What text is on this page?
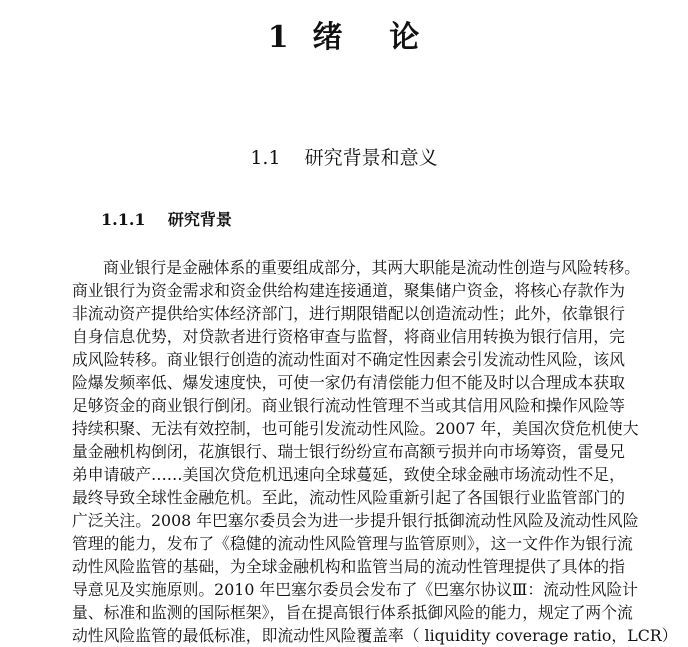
1  绪    论
1.1    研究背景和意义
1.1.1    研究背景
商业银行是金融体系的重要组成部分，其两大职能是流动性创造与风险转移。
商业银行为资金需求和资金供给构建连接通道，聚集储户资金，将核心存款作为
非流动资产提供给实体经济部门，进行期限错配以创造流动性；此外，依靠银行
自身信息优势，对贷款者进行资格审查与监督，将商业信用转换为银行信用，完
成风险转移。商业银行创造的流动性面对不确定性因素会引发流动性风险，该风
险爆发频率低、爆发速度快，可使一家仍有清偿能力但不能及时以合理成本获取
足够资金的商业银行倒闭。商业银行流动性管理不当或其信用风险和操作风险等
持续积聚、无法有效控制，也可能引发流动性风险。2007 年，美国次贷危机使大
量金融机构倒闭，花旗银行、瑞士银行纷纷宣布高额亏损并向市场筹资，雷曼兄
弟申请破产……美国次贷危机迅速向全球蔓延，致使全球金融市场流动性不足，
最终导致全球性金融危机。至此，流动性风险重新引起了各国银行业监管部门的
广泛关注。2008 年巴塞尔委员会为进一步提升银行抵御流动性风险及流动性风险
管理的能力，发布了《稳健的流动性风险管理与监管原则》，这一文件作为银行流
动性风险监管的基础，为全球金融机构和监管当局的流动性管理提供了具体的指
导意见及实施原则。2010 年巴塞尔委员会发布了《巴塞尔协议Ⅲ：流动性风险计
量、标准和监测的国际框架》，旨在提高银行体系抵御风险的能力，规定了两个流
动性风险监管的最低标准，即流动性风险覆盖率（ liquidity coverage ratio，LCR）
